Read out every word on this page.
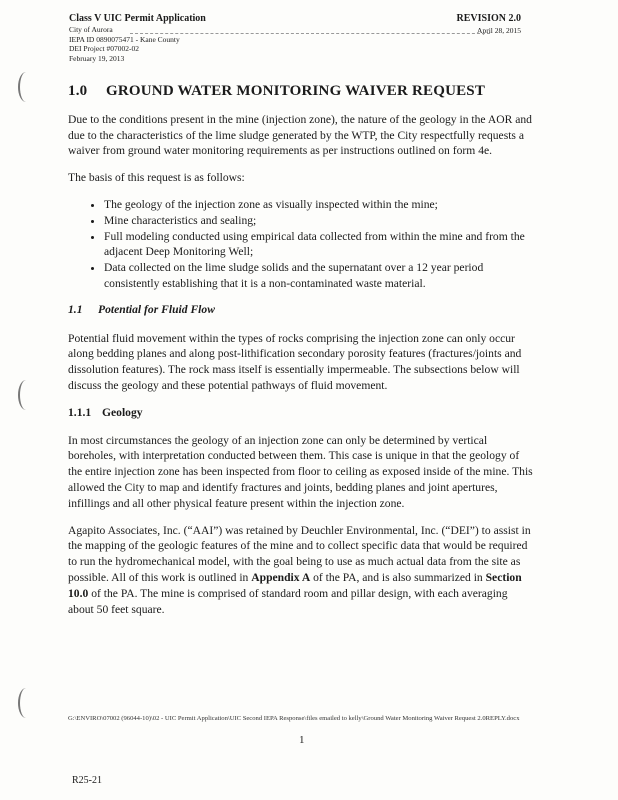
Class V UIC Permit Application
City of Aurora
IEPA ID 0890075471 - Kane County
DEI Project #07002-02
February 19, 2013
REVISION 2.0
April 28, 2015
1.0 GROUND WATER MONITORING WAIVER REQUEST

Due to the conditions present in the mine (injection zone), the nature of the geology in the AOR and due to the characteristics of the lime sludge generated by the WTP, the City respectfully requests a waiver from ground water monitoring requirements as per instructions outlined on form 4e.

The basis of this request is as follows:

• The geology of the injection zone as visually inspected within the mine;
• Mine characteristics and sealing;
• Full modeling conducted using empirical data collected from within the mine and from the adjacent Deep Monitoring Well;
• Data collected on the lime sludge solids and the supernatant over a 12 year period consistently establishing that it is a non-contaminated waste material.
1.1 Potential for Fluid Flow

Potential fluid movement within the types of rocks comprising the injection zone can only occur along bedding planes and along post-lithification secondary porosity features (fractures/joints and dissolution features). The rock mass itself is essentially impermeable. The subsections below will discuss the geology and these potential pathways of fluid movement.

1.1.1 Geology

In most circumstances the geology of an injection zone can only be determined by vertical boreholes, with interpretation conducted between them. This case is unique in that the geology of the entire injection zone has been inspected from floor to ceiling as exposed inside of the mine. This allowed the City to map and identify fractures and joints, bedding planes and joint apertures, infillings and all other physical feature present within the injection zone.

Agapito Associates, Inc. (“AAI”) was retained by Deuchler Environmental, Inc. (“DEI”) to assist in the mapping of the geologic features of the mine and to collect specific data that would be required to run the hydromechanical model, with the goal being to use as much actual data from the site as possible. All of this work is outlined in Appendix A of the PA, and is also summarized in Section 10.0 of the PA. The mine is comprised of standard room and pillar design, with each averaging about 50 feet square.

G:\ENVIRO\07002 (96044-10)\02 - UIC Permit Application\UIC Second IEPA Response\files emailed to kelly\Ground Water Monitoring Waiver Request 2.0REPLY.docx
1
R25-21
